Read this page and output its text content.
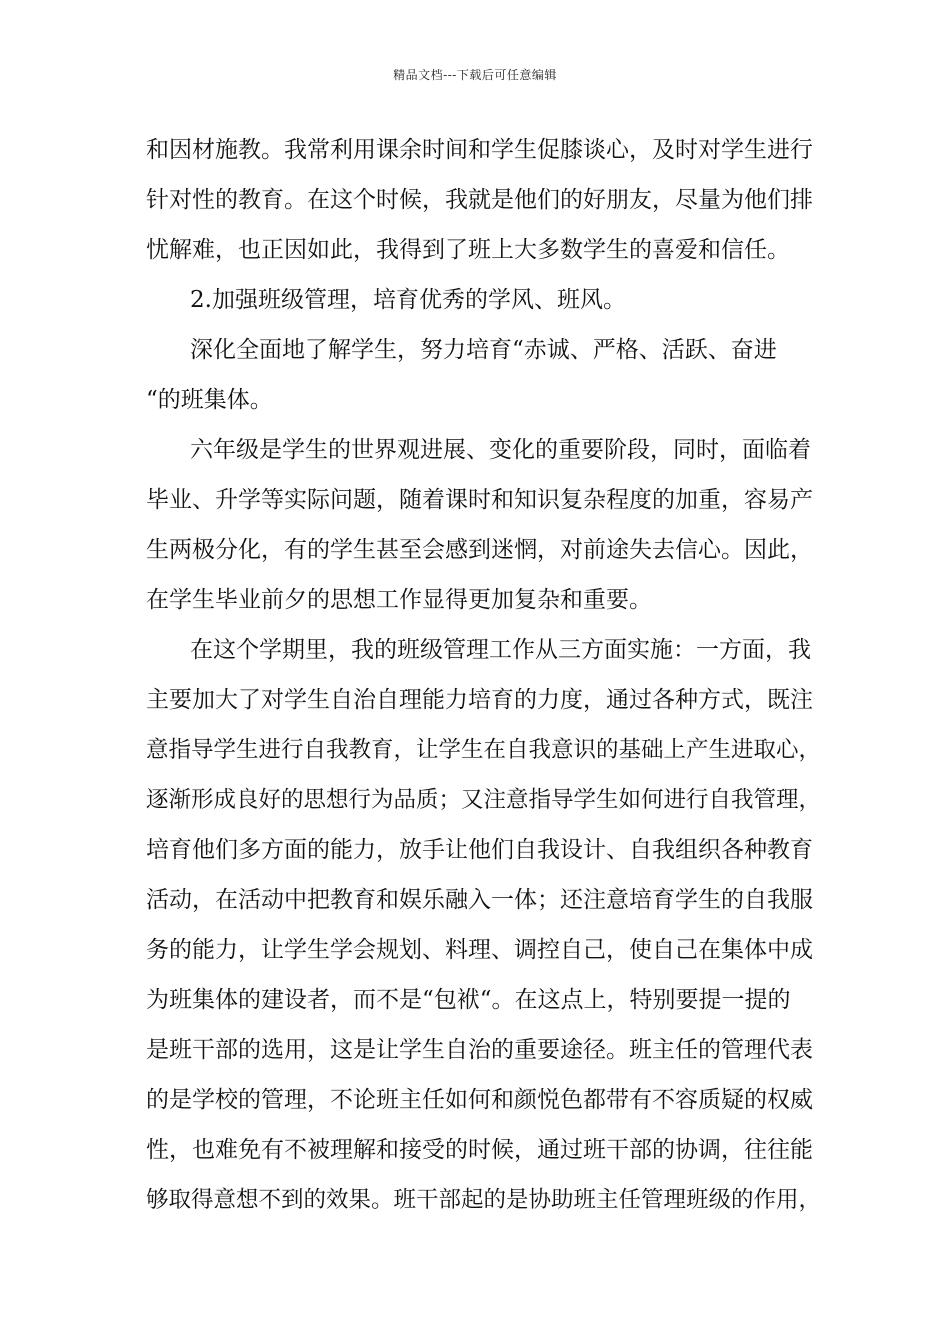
精品文档---下载后可任意编辑
和因材施教。我常利用课余时间和学生促膝谈心，及时对学生进行
针对性的教育。在这个时候，我就是他们的好朋友，尽量为他们排
忧解难，也正因如此，我得到了班上大多数学生的喜爱和信任。
2.加强班级管理，培育优秀的学风、班风。
深化全面地了解学生，努力培育“赤诚、严格、活跃、奋进
“的班集体。
六年级是学生的世界观进展、变化的重要阶段，同时，面临着
毕业、升学等实际问题，随着课时和知识复杂程度的加重，容易产
生两极分化，有的学生甚至会感到迷惘，对前途失去信心。因此，
在学生毕业前夕的思想工作显得更加复杂和重要。
在这个学期里，我的班级管理工作从三方面实施：一方面，我
主要加大了对学生自治自理能力培育的力度，通过各种方式，既注
意指导学生进行自我教育，让学生在自我意识的基础上产生进取心，
逐渐形成良好的思想行为品质；又注意指导学生如何进行自我管理，
培育他们多方面的能力，放手让他们自我设计、自我组织各种教育
活动，在活动中把教育和娱乐融入一体；还注意培育学生的自我服
务的能力，让学生学会规划、料理、调控自己，使自己在集体中成
为班集体的建设者，而不是“包袱“。在这点上，特别要提一提的
是班干部的选用，这是让学生自治的重要途径。班主任的管理代表
的是学校的管理，不论班主任如何和颜悦色都带有不容质疑的权威
性，也难免有不被理解和接受的时候，通过班干部的协调，往往能
够取得意想不到的效果。班干部起的是协助班主任管理班级的作用，
